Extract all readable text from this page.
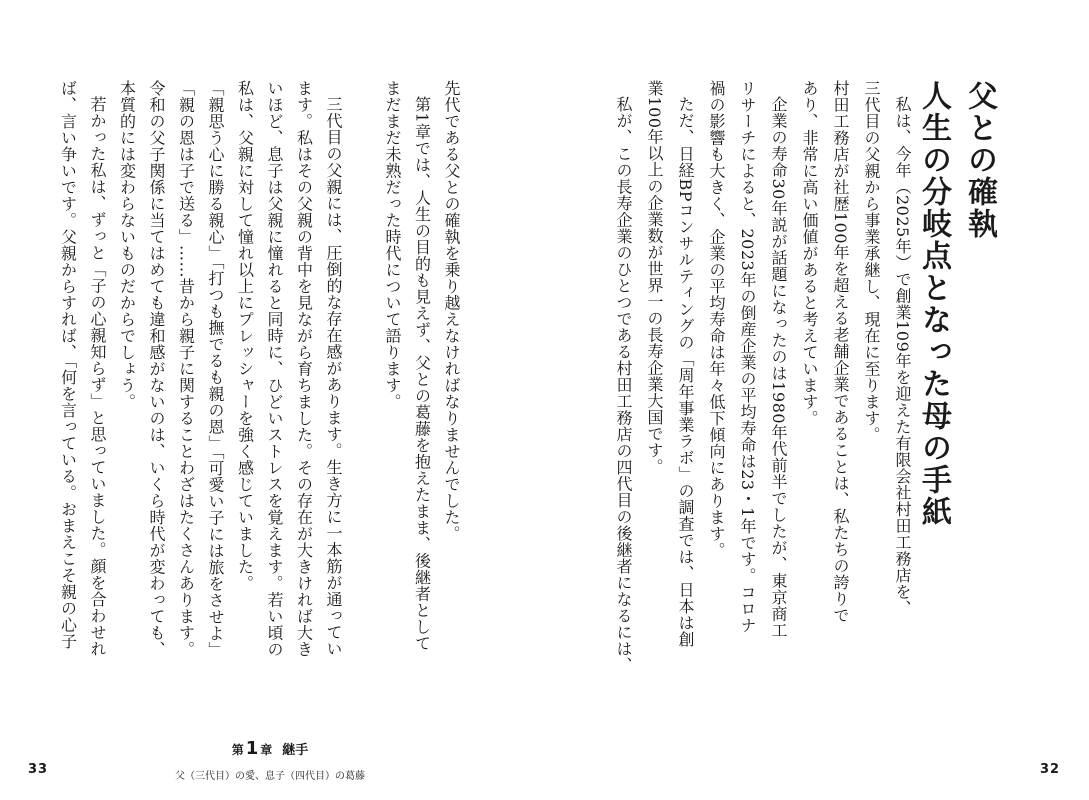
父との確執
人生の分岐点となった母の手紙
私は、今年（2025年）で創業109年を迎えた有限会社村田工務店を、
三代目の父親から事業承継し、現在に至ります。
村田工務店が社歴100年を超える老舗企業であることは、私たちの誇りで
あり、非常に高い価値があると考えています。
企業の寿命30年説が話題になったのは1980年代前半でしたが、東京商工
リサーチによると、2023年の倒産企業の平均寿命は23・1年です。コロナ
禍の影響も大きく、企業の平均寿命は年々低下傾向にあります。
ただ、日経BPコンサルティングの「周年事業ラボ」の調査では、日本は創
業100年以上の企業数が世界一の長寿企業大国です。
私が、この長寿企業のひとつである村田工務店の四代目の後継者になるには、
先代である父との確執を乗り越えなければなりませんでした。
第1章では、人生の目的も見えず、父との葛藤を抱えたまま、後継者として
まだまだ未熟だった時代について語ります。
三代目の父親には、圧倒的な存在感があります。生き方に一本筋が通ってい
ます。私はその父親の背中を見ながら育ちました。その存在が大きければ大き
いほど、息子は父親に憧れると同時に、ひどいストレスを覚えます。若い頃の
私は、父親に対して憧れ以上にプレッシャーを強く感じていました。
「親思う心に勝る親心」「打つも撫でるも親の恩」「可愛い子には旅をさせよ」
「親の恩は子で送る」……昔から親子に関することわざはたくさんあります。
令和の父子関係に当てはめても違和感がないのは、いくら時代が変わっても、
本質的には変わらないものだからでしょう。
若かった私は、ずっと「子の心親知らず」と思っていました。顔を合わせれ
ば、言い争いです。父親からすれば、「何を言っている。おまえこそ親の心子
第 1 章 継手
父（三代目）の愛、息子（四代目）の葛藤
33	32
